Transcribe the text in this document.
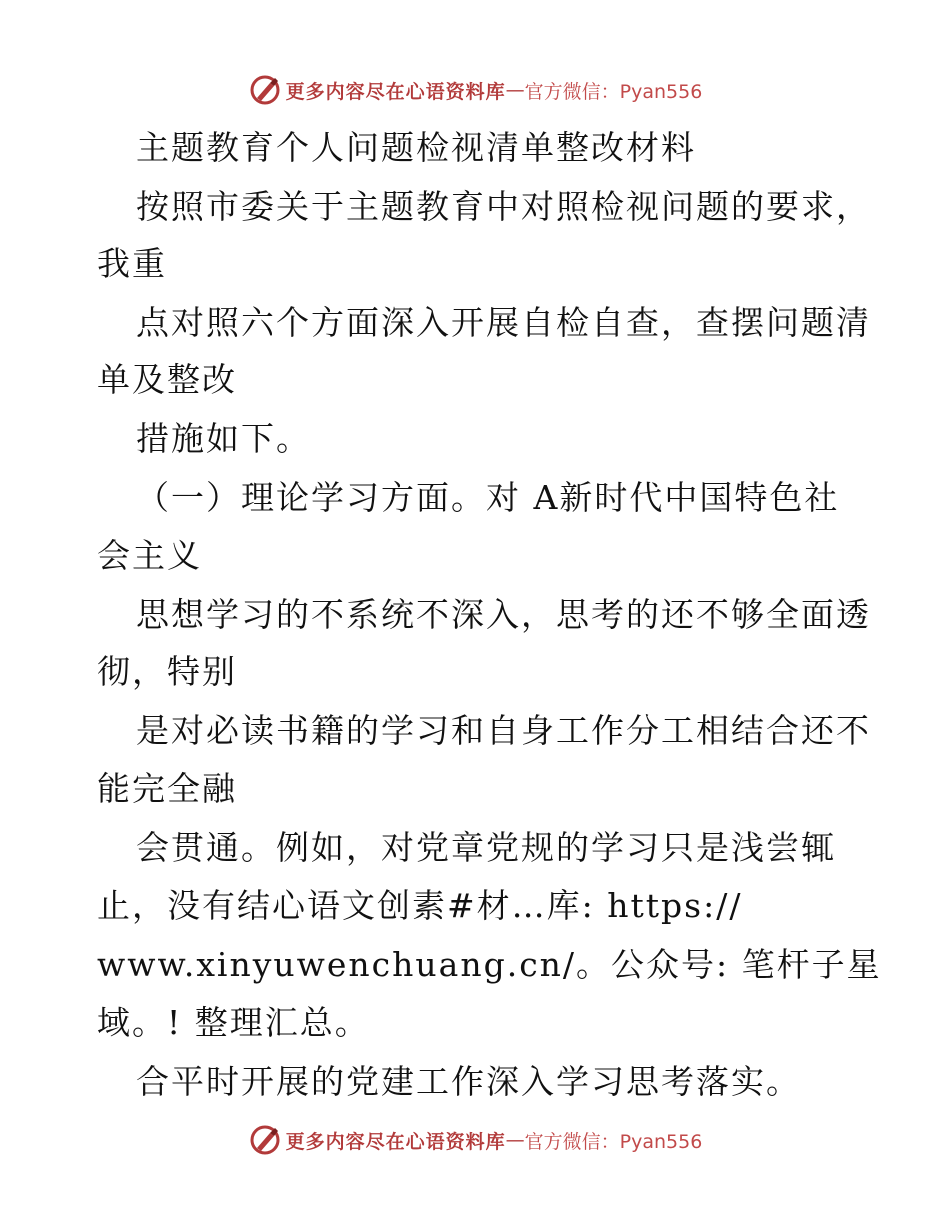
更多内容尽在心语资料库 — 官方微信：Pyan556
主题教育个人问题检视清单整改材料
按照市委关于主题教育中对照检视问题的要求，
我重
点对照六个方面深入开展自检自查，查摆问题清
单及整改
措施如下。
（一）理论学习方面。对 A新时代中国特色社
会主义
思想学习的不系统不深入，思考的还不够全面透
彻，特别
是对必读书籍的学习和自身工作分工相结合还不
能完全融
会贯通。例如，对党章党规的学习只是浅尝辄
止，没有结心语文创素#材…库: https://
www.xinyuwenchuang.cn/。公众号: 笔杆子星
域。! 整理汇总。
合平时开展的党建工作深入学习思考落实。
更多内容尽在心语资料库 — 官方微信：Pyan556
